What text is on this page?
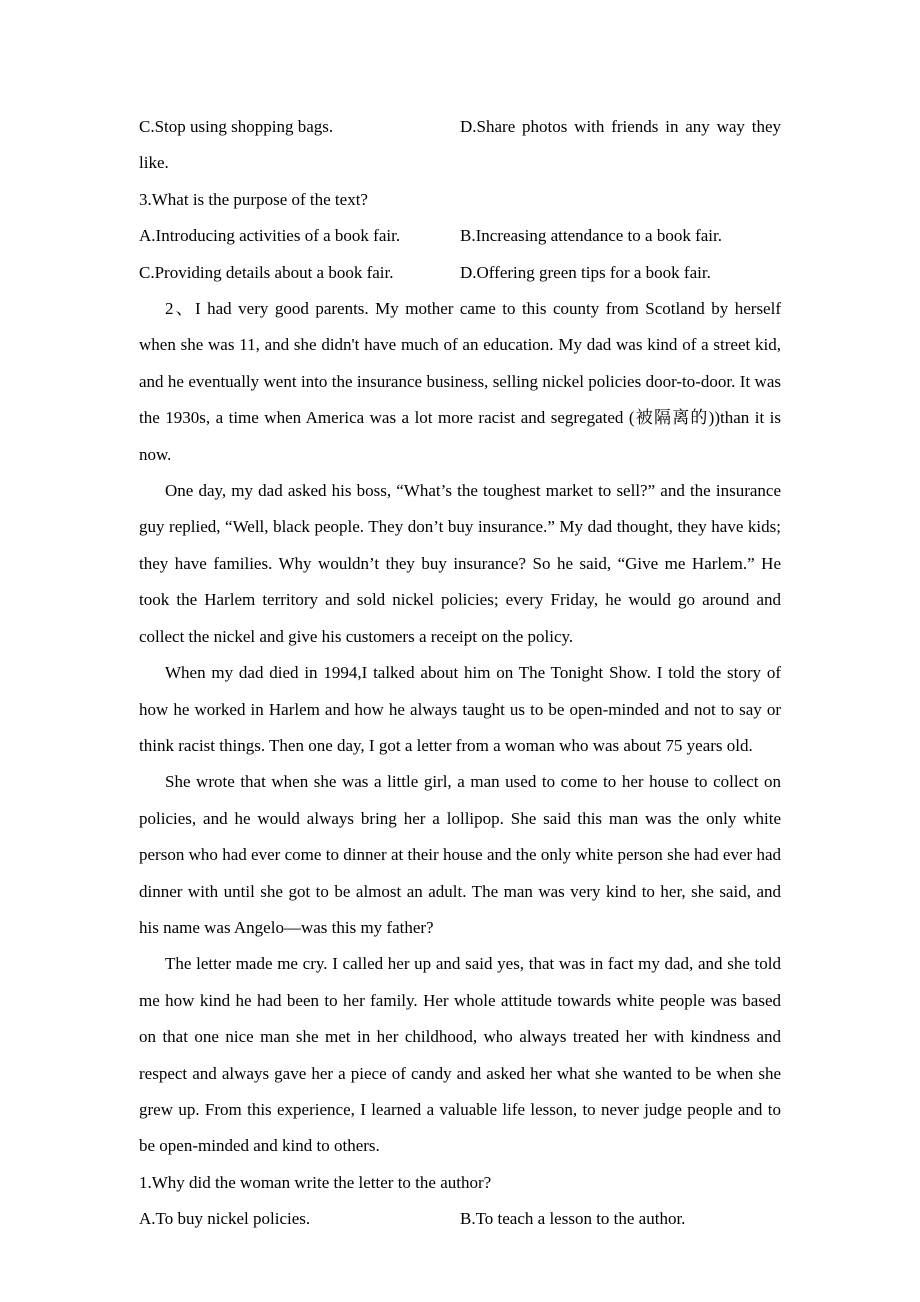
C.Stop using shopping bags.	D.Share photos with friends in any way they
like.
3.What is the purpose of the text?
A.Introducing activities of a book fair.	B.Increasing attendance to a book fair.
C.Providing details about a book fair.	D.Offering green tips for a book fair.

2、I had very good parents. My mother came to this county from Scotland by herself when she was 11, and she didn't have much of an education. My dad was kind of a street kid, and he eventually went into the insurance business, selling nickel policies door-to-door. It was the 1930s, a time when America was a lot more racist and segregated (被隔离的))than it is now.

One day, my dad asked his boss, “What’s the toughest market to sell?” and the insurance guy replied, “Well, black people. They don’t buy insurance.” My dad thought, they have kids; they have families. Why wouldn’t they buy insurance? So he said, “Give me Harlem.” He took the Harlem territory and sold nickel policies; every Friday, he would go around and collect the nickel and give his customers a receipt on the policy.

When my dad died in 1994,I talked about him on The Tonight Show. I told the story of how he worked in Harlem and how he always taught us to be open-minded and not to say or think racist things. Then one day, I got a letter from a woman who was about 75 years old.

She wrote that when she was a little girl, a man used to come to her house to collect on policies, and he would always bring her a lollipop. She said this man was the only white person who had ever come to dinner at their house and the only white person she had ever had dinner with until she got to be almost an adult. The man was very kind to her, she said, and his name was Angelo—was this my father?

The letter made me cry. I called her up and said yes, that was in fact my dad, and she told me how kind he had been to her family. Her whole attitude towards white people was based on that one nice man she met in her childhood, who always treated her with kindness and respect and always gave her a piece of candy and asked her what she wanted to be when she grew up. From this experience, I learned a valuable life lesson, to never judge people and to be open-minded and kind to others.

1.Why did the woman write the letter to the author?
A.To buy nickel policies.	B.To teach a lesson to the author.
